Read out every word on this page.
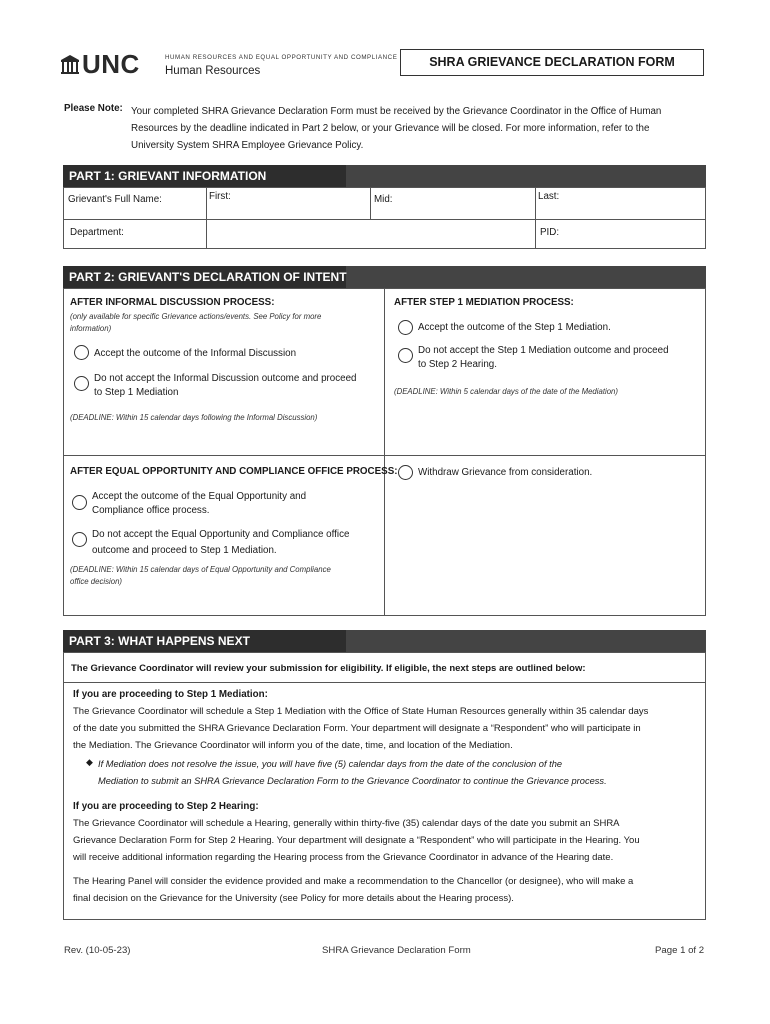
UNC	HUMAN RESOURCES AND EQUAL OPPORTUNITY AND COMPLIANCE
Human Resources
SHRA GRIEVANCE DECLARATION FORM
Please Note: Your completed SHRA Grievance Declaration Form must be received by the Grievance Coordinator in the Office of Human
Resources by the deadline indicated in Part 2 below, or your Grievance will be closed. For more information, refer to the
University System SHRA Employee Grievance Policy.
PART 1: GRIEVANT INFORMATION
Grievant's Full Name:	First:	Mid:	Last:
Department:	PID:
PART 2: GRIEVANT'S DECLARATION OF INTENT
AFTER INFORMAL DISCUSSION PROCESS:
(only available for specific Grievance actions/events. See Policy for more
information)
Accept the outcome of the Informal Discussion
Do not accept the Informal Discussion outcome and proceed
to Step 1 Mediation
(DEADLINE: Within 15 calendar days following the Informal Discussion)
AFTER STEP 1 MEDIATION PROCESS:
Accept the outcome of the Step 1 Mediation.
Do not accept the Step 1 Mediation outcome and proceed
to Step 2 Hearing.
(DEADLINE: Within 5 calendar days of the date of the Mediation)
AFTER EQUAL OPPORTUNITY AND COMPLIANCE OFFICE PROCESS:
Accept the outcome of the Equal Opportunity and
Compliance office process.
Do not accept the Equal Opportunity and Compliance office
outcome and proceed to Step 1 Mediation.
(DEADLINE: Within 15 calendar days of Equal Opportunity and Compliance
office decision)
Withdraw Grievance from consideration.
PART 3: WHAT HAPPENS NEXT
The Grievance Coordinator will review your submission for eligibility. If eligible, the next steps are outlined below:
If you are proceeding to Step 1 Mediation:
The Grievance Coordinator will schedule a Step 1 Mediation with the Office of State Human Resources generally within 35 calendar days
of the date you submitted the SHRA Grievance Declaration Form. Your department will designate a “Respondent” who will participate in
the Mediation. The Grievance Coordinator will inform you of the date, time, and location of the Mediation.
◆ If Mediation does not resolve the issue, you will have five (5) calendar days from the date of the conclusion of the
Mediation to submit an SHRA Grievance Declaration Form to the Grievance Coordinator to continue the Grievance process.
If you are proceeding to Step 2 Hearing:
The Grievance Coordinator will schedule a Hearing, generally within thirty-five (35) calendar days of the date you submit an SHRA
Grievance Declaration Form for Step 2 Hearing. Your department will designate a “Respondent” who will participate in the Hearing. You
will receive additional information regarding the Hearing process from the Grievance Coordinator in advance of the Hearing date.
The Hearing Panel will consider the evidence provided and make a recommendation to the Chancellor (or designee), who will make a
final decision on the Grievance for the University (see Policy for more details about the Hearing process).
Rev. (10-05-23)	SHRA Grievance Declaration Form	Page 1 of 2
